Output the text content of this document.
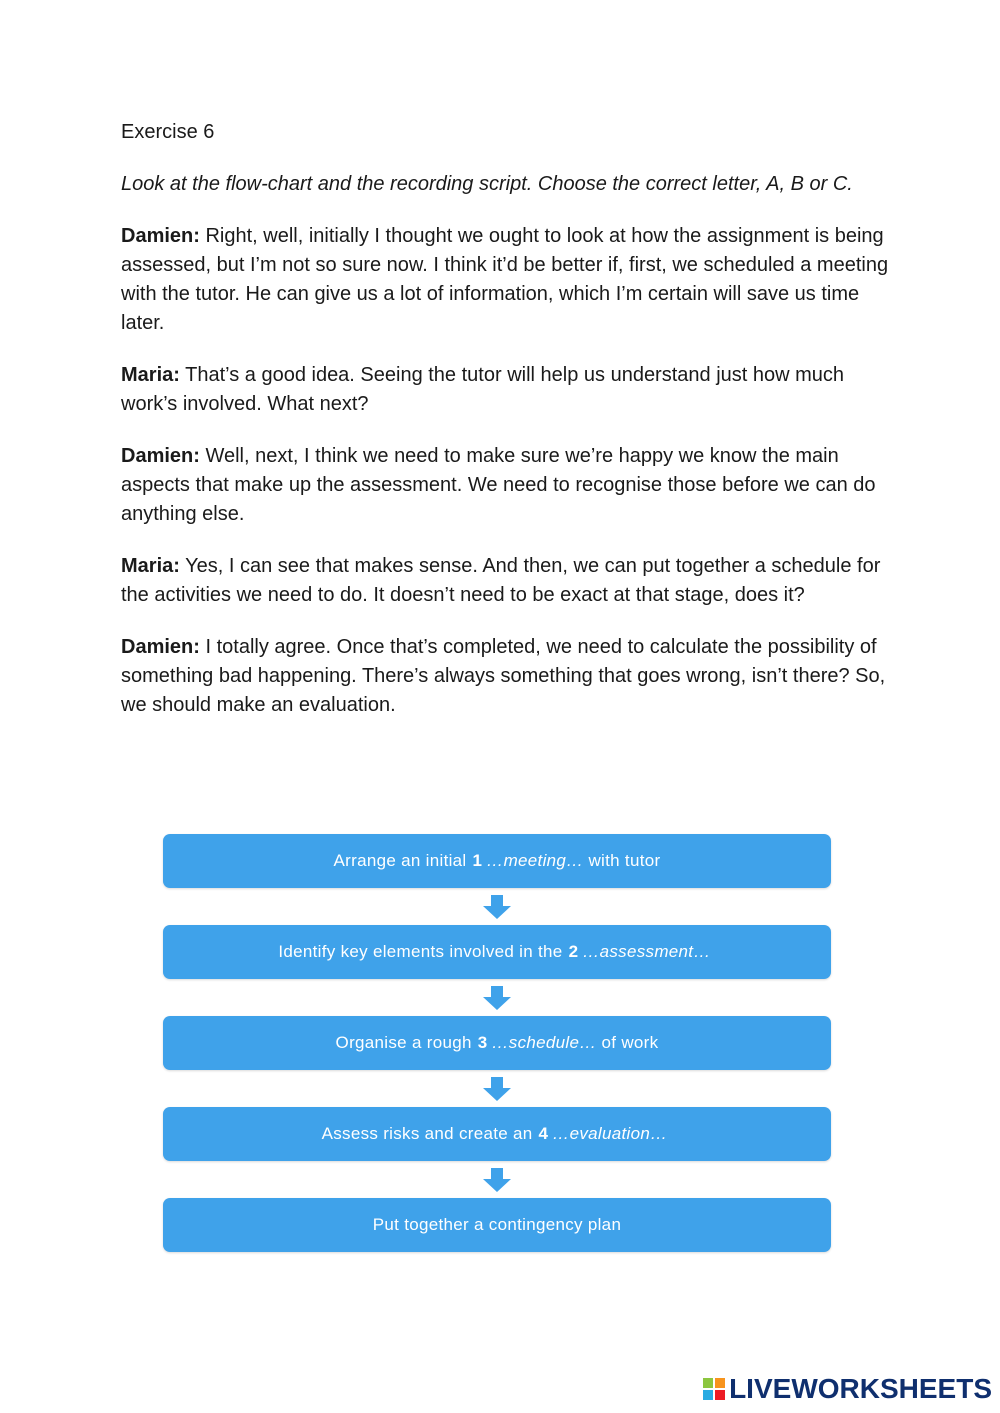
Exercise 6

Look at the flow-chart and the recording script. Choose the correct letter, A, B or C.

Damien: Right, well, initially I thought we ought to look at how the assignment is being assessed, but I’m not so sure now. I think it’d be better if, first, we scheduled a meeting with the tutor. He can give us a lot of information, which I’m certain will save us time later.

Maria: That’s a good idea. Seeing the tutor will help us understand just how much work’s involved. What next?

Damien: Well, next, I think we need to make sure we’re happy we know the main aspects that make up the assessment. We need to recognise those before we can do anything else.

Maria: Yes, I can see that makes sense. And then, we can put together a schedule for the activities we need to do. It doesn’t need to be exact at that stage, does it?

Damien: I totally agree. Once that’s completed, we need to calculate the possibility of something bad happening. There’s always something that goes wrong, isn’t there? So, we should make an evaluation.

Arrange an initial 1 …meeting… with tutor
Identify key elements involved in the 2 …assessment…
Organise a rough 3 …schedule… of work
Assess risks and create an 4 …evaluation…
Put together a contingency plan
LIVEWORKSHEETS
